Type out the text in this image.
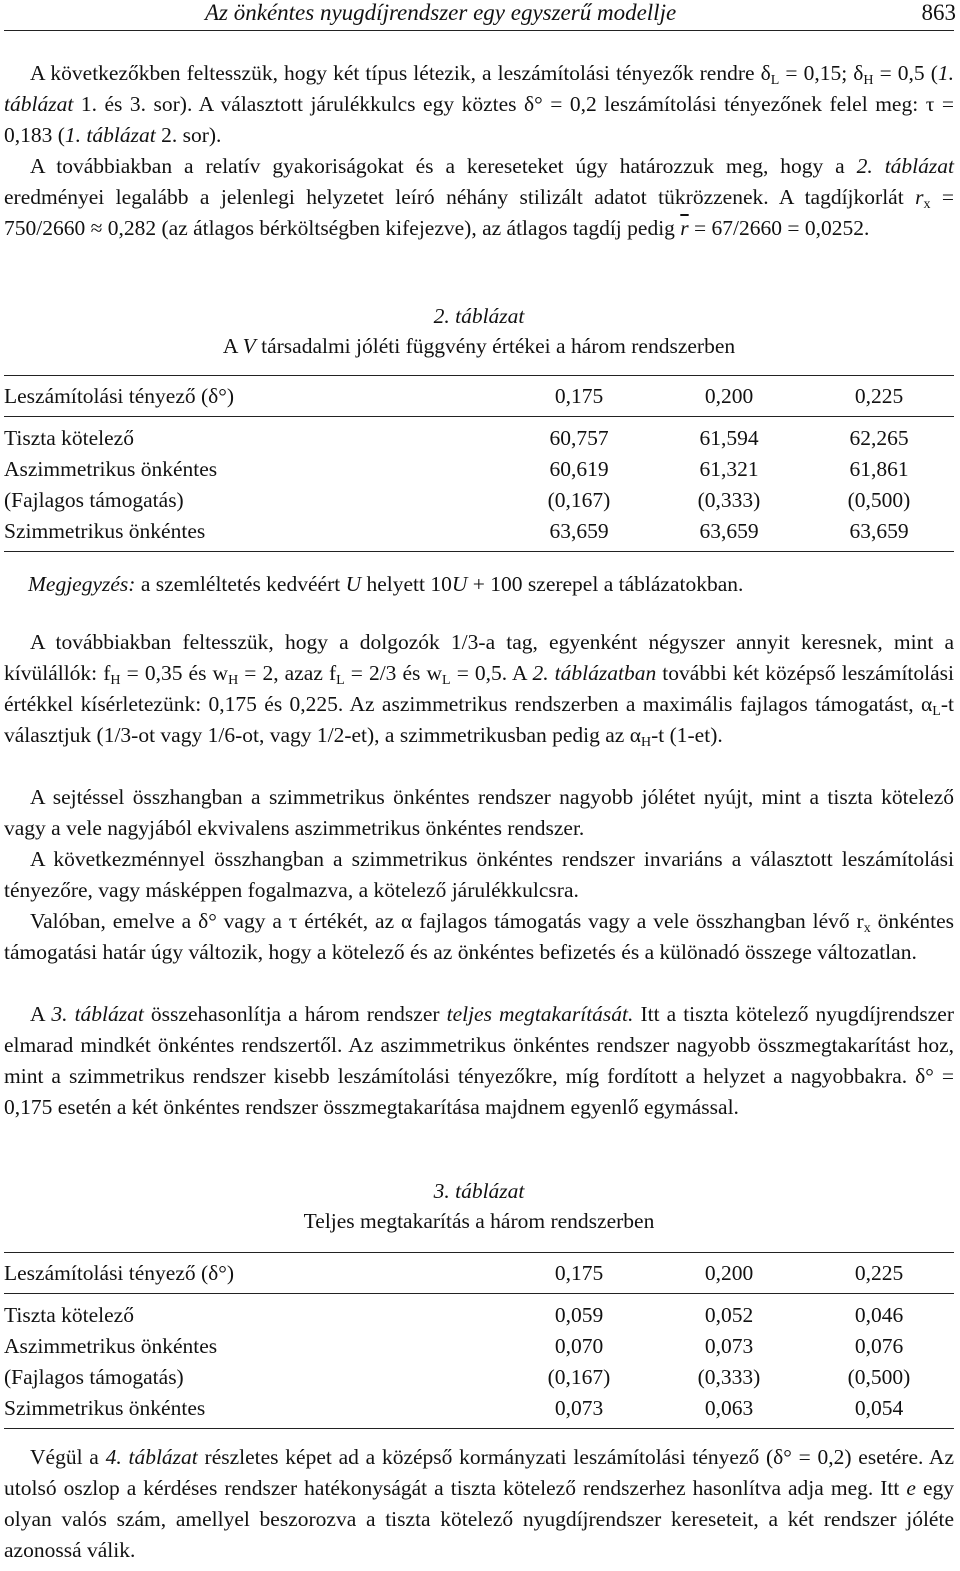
Az önkéntes nyugdíjrendszer egy egyszerű modellje	863

A következőkben feltesszük, hogy két típus létezik, a leszámítolási tényezők rendre $\delta_L = 0,15$; $\delta_H = 0,5$ (1. táblázat 1. és 3. sor). A választott járulékkulcs egy köztes δ° = 0,2 leszámítolási tényezőnek felel meg: τ = 0,183 (1. táblázat 2. sor).

A továbbiakban a relatív gyakoriságokat és a kereseteket úgy határozzuk meg, hogy a 2. táblázat eredményei legalább a jelenlegi helyzetet leíró néhány stilizált adatot tükrözzenek. A tagdíjkorlát $r_x = 750/2660 \approx 0,282$ (az átlagos bérköltségben kifejezve), az átlagos tagdíj pedig $\overline{r} = 67/2660 = 0,0252$.

2. táblázat
A V társadalmi jóléti függvény értékei a három rendszerben
Leszámítolási tényező (δ°)	0,175	0,200	0,225
Tiszta kötelező	60,757	61,594	62,265
Aszimmetrikus önkéntes	60,619	61,321	61,861
(Fajlagos támogatás)	(0,167)	(0,333)	(0,500)
Szimmetrikus önkéntes	63,659	63,659	63,659
Megjegyzés: a szemléltetés kedvéért U helyett 10U + 100 szerepel a táblázatokban.

A továbbiakban feltesszük, hogy a dolgozók 1/3-a tag, egyenként négyszer annyit keresnek, mint a kívülállók: $f_H = 0,35$ és $w_H = 2$, azaz $f_L = 2/3$ és $w_L = 0,5$. A 2. táblázatban további két középső leszámítolási értékkel kísérletezünk: 0,175 és 0,225. Az aszimmetrikus rendszerben a maximális fajlagos támogatást, $\alpha_L-t$ választjuk (1/3-ot vagy 1/6-ot, vagy 1/2-et), a szimmetrikusban pedig az $\alpha_H-t$ (1-et).

A sejtéssel összhangban a szimmetrikus önkéntes rendszer nagyobb jólétet nyújt, mint a tiszta kötelező vagy a vele nagyjából ekvivalens aszimmetrikus önkéntes rendszer.

A következménnyel összhangban a szimmetrikus önkéntes rendszer invariáns a választott leszámítolási tényezőre, vagy másképpen fogalmazva, a kötelező járulékkulcsra.

Valóban, emelve a δ° vagy a τ értékét, az α fajlagos támogatás vagy a vele összhangban lévő $r_x$ önkéntes támogatási határ úgy változik, hogy a kötelező és az önkéntes befizetés és a különadó összege változatlan.

A 3. táblázat összehasonlítja a három rendszer teljes megtakarítását. Itt a tiszta kötelező nyugdíjrendszer elmarad mindkét önkéntes rendszertől. Az aszimmetrikus önkéntes rendszer nagyobb összmegtakarítást hoz, mint a szimmetrikus rendszer kisebb leszámítolási tényezőkre, míg fordított a helyzet a nagyobbakra. δ° = 0,175 esetén a két önkéntes rendszer összmegtakarítása majdnem egyenlő egymással.

3. táblázat
Teljes megtakarítás a három rendszerben
Leszámítolási tényező (δ°)	0,175	0,200	0,225
Tiszta kötelező	0,059	0,052	0,046
Aszimmetrikus önkéntes	0,070	0,073	0,076
(Fajlagos támogatás)	(0,167)	(0,333)	(0,500)
Szimmetrikus önkéntes	0,073	0,063	0,054

Végül a 4. táblázat részletes képet ad a középső kormányzati leszámítolási tényező (δ° = 0,2) esetére. Az utolsó oszlop a kérdéses rendszer hatékonyságát a tiszta kötelező rendszerhez hasonlítva adja meg. Itt e egy olyan valós szám, amellyel beszorozva a tiszta kötelező nyugdíjrendszer kereseteit, a két rendszer jóléte azonossá válik.
